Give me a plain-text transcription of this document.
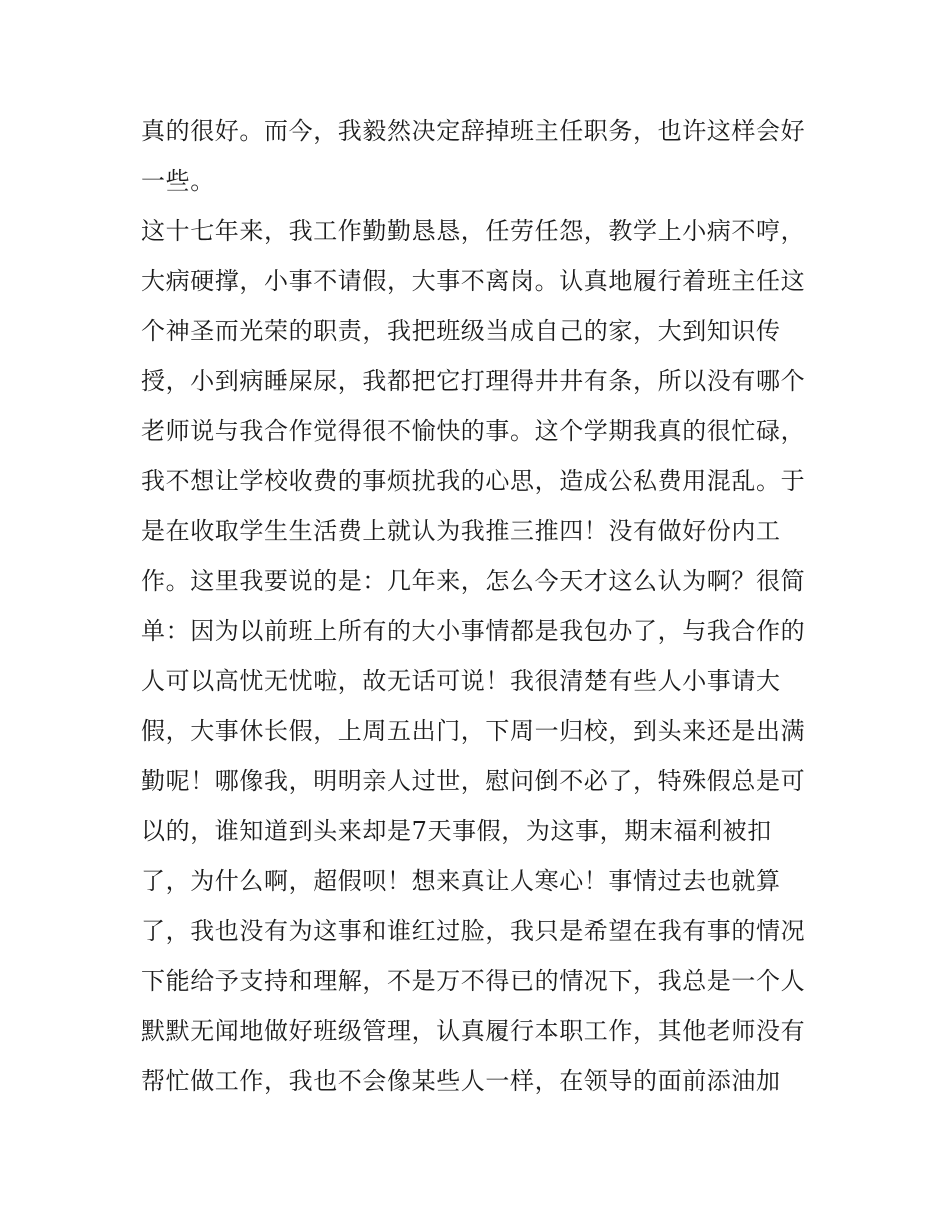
真的很好。而今，我毅然决定辞掉班主任职务，也许这样会好
一些。
这十七年来，我工作勤勤恳恳，任劳任怨，教学上小病不哼，
大病硬撑，小事不请假，大事不离岗。认真地履行着班主任这
个神圣而光荣的职责，我把班级当成自己的家，大到知识传
授，小到病睡屎尿，我都把它打理得井井有条，所以没有哪个
老师说与我合作觉得很不愉快的事。这个学期我真的很忙碌，
我不想让学校收费的事烦扰我的心思，造成公私费用混乱。于
是在收取学生生活费上就认为我推三推四！没有做好份内工
作。这里我要说的是：几年来，怎么今天才这么认为啊？很简
单：因为以前班上所有的大小事情都是我包办了，与我合作的
人可以高忧无忧啦，故无话可说！我很清楚有些人小事请大
假，大事休长假，上周五出门，下周一归校，到头来还是出满
勤呢！哪像我，明明亲人过世，慰问倒不必了，特殊假总是可
以的，谁知道到头来却是7天事假，为这事，期末福利被扣
了，为什么啊，超假呗！想来真让人寒心！事情过去也就算
了，我也没有为这事和谁红过脸，我只是希望在我有事的情况
下能给予支持和理解，不是万不得已的情况下，我总是一个人
默默无闻地做好班级管理，认真履行本职工作，其他老师没有
帮忙做工作，我也不会像某些人一样，在领导的面前添油加
